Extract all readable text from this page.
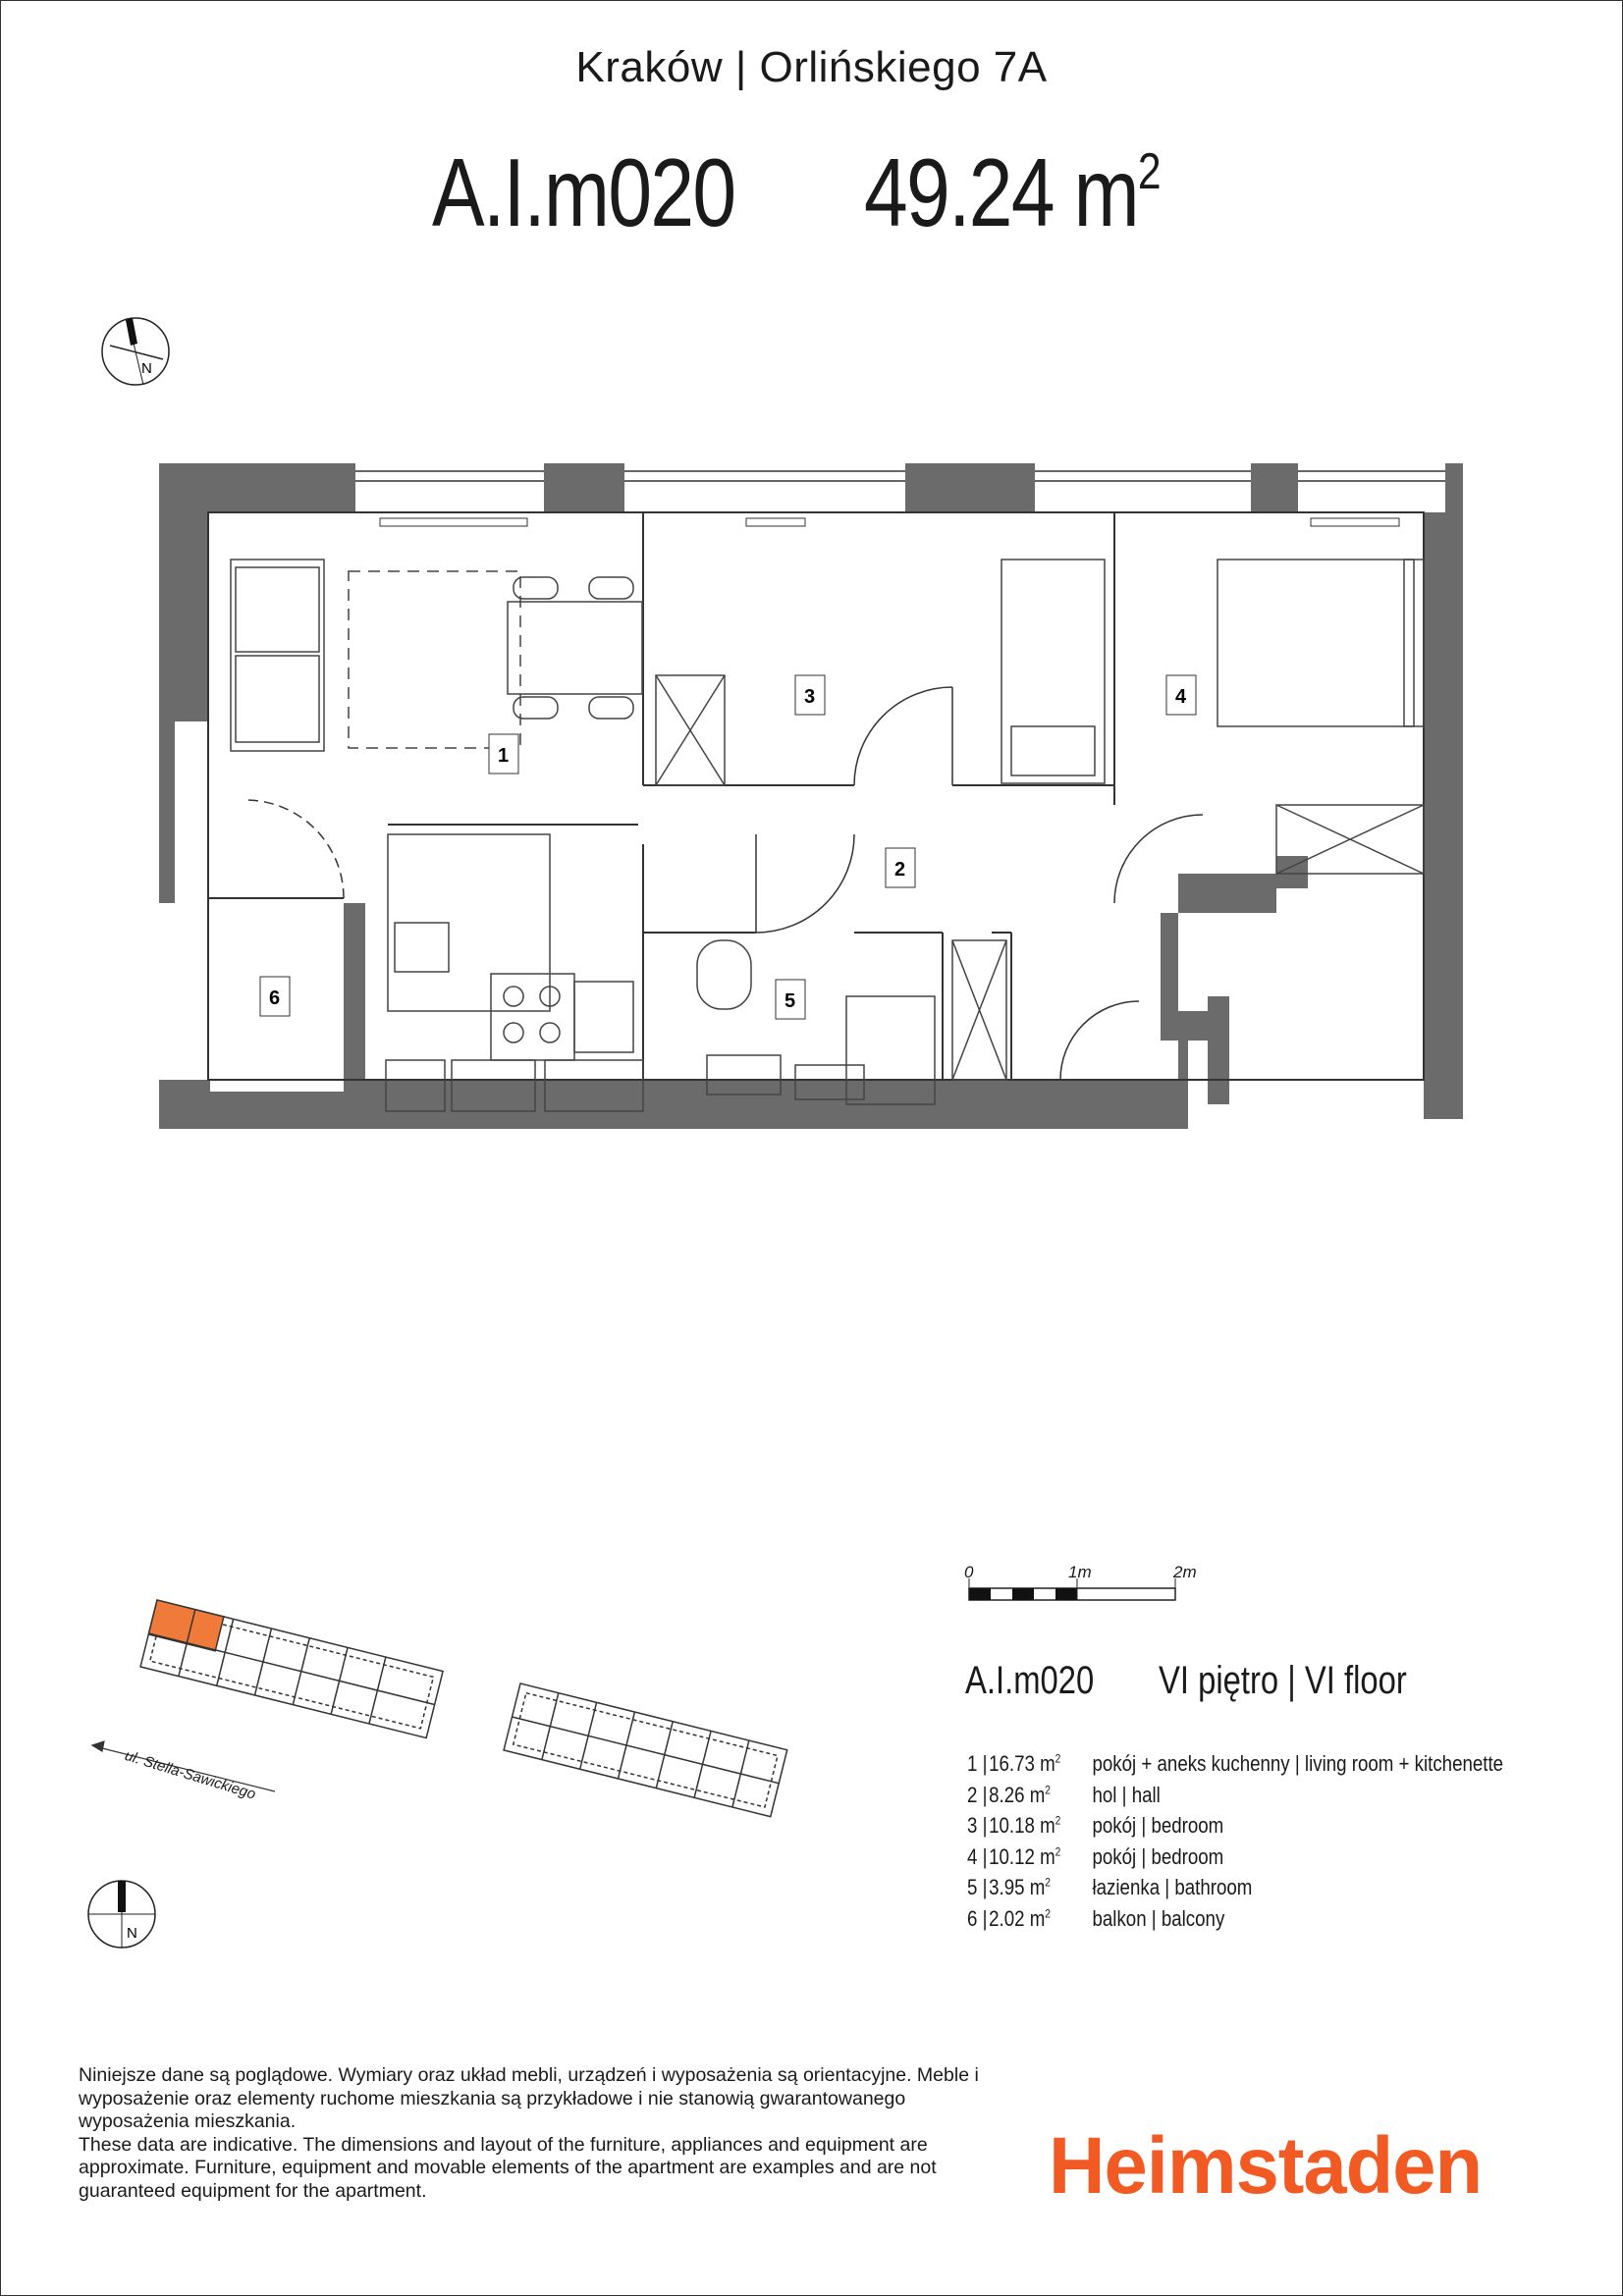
Kraków | Orlińskiego 7A
A.I.m020 49.24 $m^2$
N
1
2
3	4
5
6
0	1m	2m
A.I.m020 VI piętro | VI floor
1 |16.73 $m^2$ pokój + aneks kuchenny | living room + kitchenette
2 |8.26 $m^2$ hol | hall
3 |10.18 $m^2$ pokój | bedroom
4 |10.12 $m^2$ pokój | bedroom
5 |3.95 $m^2$ łazienka | bathroom
6 |2.02 $m^2$ balkon | balcony
ul. Stella-Sawickiego
N
Niniejsze dane są poglądowe. Wymiary oraz układ mebli, urządzeń i wyposażenia są orientacyjne. Meble i wyposażenie oraz elementy ruchome mieszkania są przykładowe i nie stanowią gwarantowanego wyposażenia mieszkania.
These data are indicative. The dimensions and layout of the furniture, appliances and equipment are approximate. Furniture, equipment and movable elements of the apartment are examples and are not guaranteed equipment for the apartment.	Heimstaden
